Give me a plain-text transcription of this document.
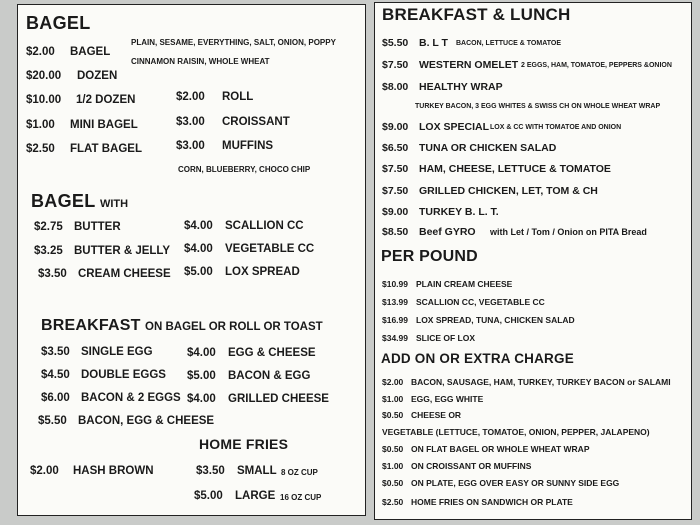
BAGEL
PLAIN, SESAME, EVERYTHING, SALT, ONION, POPPY
CINNAMON RAISIN, WHOLE WHEAT
$2.00 BAGEL
$20.00 DOZEN
$10.00 1/2 DOZEN
$1.00 MINI BAGEL
$2.50 FLAT BAGEL
$2.00 ROLL
$3.00 CROISSANT
$3.00 MUFFINS
CORN, BLUEBERRY, CHOCO CHIP
BAGEL WITH
$2.75 BUTTER
$3.25 BUTTER & JELLY
$3.50 CREAM CHEESE
$4.00 SCALLION CC
$4.00 VEGETABLE CC
$5.00 LOX SPREAD
BREAKFAST ON BAGEL OR ROLL OR TOAST
$3.50 SINGLE EGG
$4.50 DOUBLE EGGS
$6.00 BACON & 2 EGGS
$5.50 BACON, EGG & CHEESE
$4.00 EGG & CHEESE
$5.00 BACON & EGG
$4.00 GRILLED CHEESE
HOME FRIES
$2.00 HASH BROWN	$3.50 SMALL 8 OZ CUP
$5.00 LARGE 16 OZ CUP
BREAKFAST & LUNCH
$5.50 B. L T BACON, LETTUCE & TOMATOE
$7.50 WESTERN OMELET 2 EGGS, HAM, TOMATOE, PEPPERS &ONION
$8.00 HEALTHY WRAP
TURKEY BACON, 3 EGG WHITES & SWISS CH ON WHOLE WHEAT WRAP
$9.00 LOX SPECIAL LOX & CC WITH TOMATOE AND ONION
$6.50 TUNA OR CHICKEN SALAD
$7.50 HAM, CHEESE, LETTUCE & TOMATOE
$7.50 GRILLED CHICKEN, LET, TOM & CH
$9.00 TURKEY B. L. T.
$8.50 Beef GYRO with Let / Tom / Onion on PITA Bread
PER POUND
$10.99 PLAIN CREAM CHEESE
$13.99 SCALLION CC, VEGETABLE CC
$16.99 LOX SPREAD, TUNA, CHICKEN SALAD
$34.99 SLICE OF LOX
ADD ON OR EXTRA CHARGE
$2.00 BACON, SAUSAGE, HAM, TURKEY, TURKEY BACON or SALAMI
$1.00 EGG, EGG WHITE
$0.50 CHEESE OR
VEGETABLE (LETTUCE, TOMATOE, ONION, PEPPER, JALAPENO)
$0.50 ON FLAT BAGEL OR WHOLE WHEAT WRAP
$1.00 ON CROISSANT OR MUFFINS
$0.50 ON PLATE, EGG OVER EASY OR SUNNY SIDE EGG
$2.50 HOME FRIES ON SANDWICH OR PLATE
